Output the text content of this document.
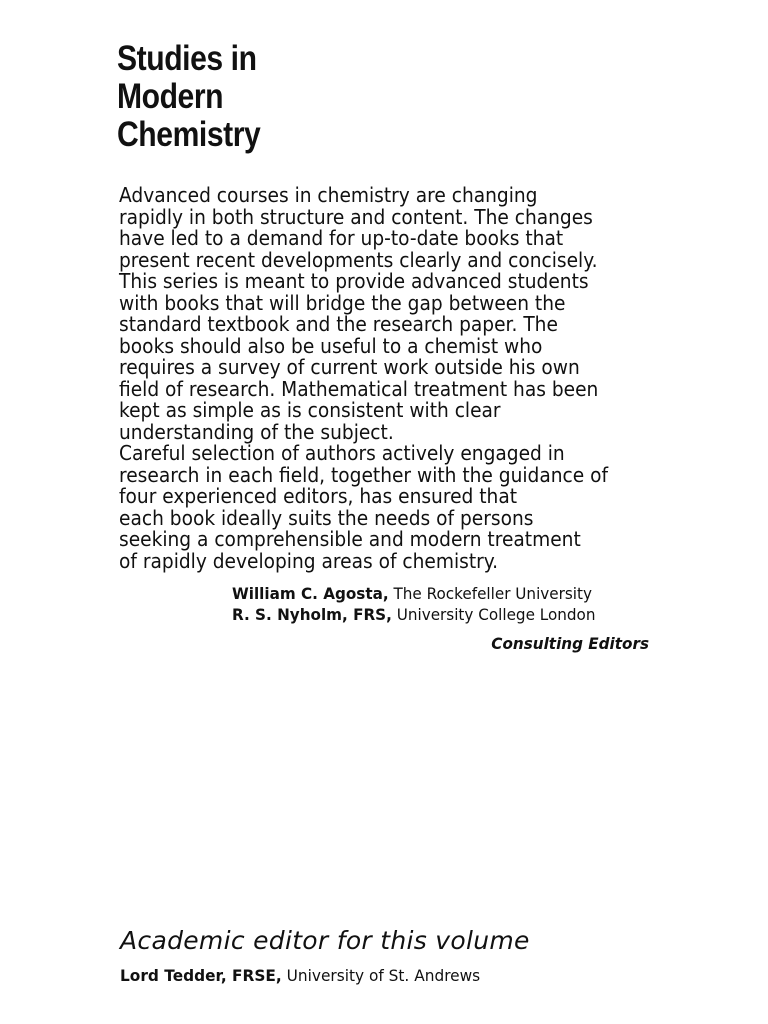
Studies in
Modern
Chemistry

Advanced courses in chemistry are changing
rapidly in both structure and content. The changes
have led to a demand for up-to-date books that
present recent developments clearly and concisely.
This series is meant to provide advanced students
with books that will bridge the gap between the
standard textbook and the research paper. The
books should also be useful to a chemist who
requires a survey of current work outside his own
field of research. Mathematical treatment has been
kept as simple as is consistent with clear
understanding of the subject.
Careful selection of authors actively engaged in
research in each field, together with the guidance of
four experienced editors, has ensured that
each book ideally suits the needs of persons
seeking a comprehensible and modern treatment
of rapidly developing areas of chemistry.

William C. Agosta, The Rockefeller University
R. S. Nyholm, FRS, University College London
Consulting Editors
Academic editor for this volume
Lord Tedder, FRSE, University of St. Andrews
